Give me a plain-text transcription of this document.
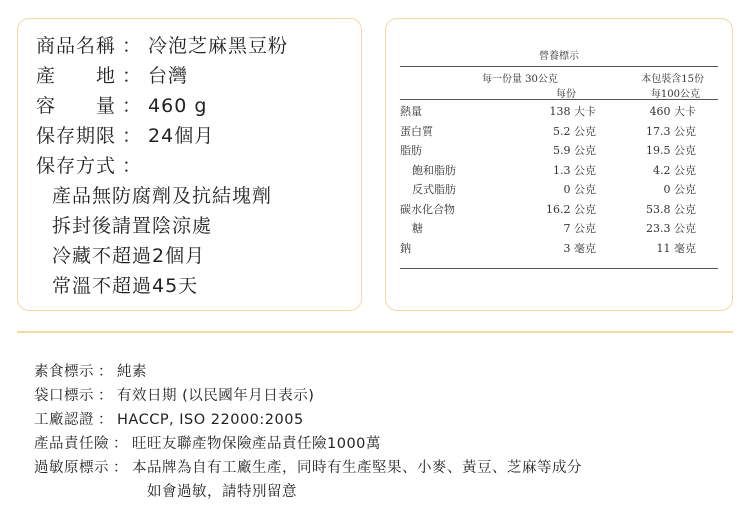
商品名稱 ： 冷泡芝麻黑豆粉
產　　地 ： 台灣
容　　量 ： 460 g
保存期限 ： 24個月
保存方式 ：
產品無防腐劑及抗結塊劑
拆封後請置陰涼處
冷藏不超過2個月
常溫不超過45天
營養標示
每一份量 30公克	本包裝含15份
每份	每100公克
熱量	138 大卡	460 大卡
蛋白質	5.2 公克	17.3 公克
脂肪	5.9 公克	19.5 公克
飽和脂肪	1.3 公克	4.2 公克
反式脂肪	0 公克	0 公克
碳水化合物	16.2 公克	53.8 公克
糖	7 公克	23.3 公克
鈉	3 毫克	11 毫克
素食標示 ： 純素
袋口標示 ： 有效日期 (以民國年月日表示)
工廠認證 ： HACCP, ISO 22000:2005
產品責任險 ： 旺旺友聯產物保險產品責任險1000萬
過敏原標示 ： 本品牌為自有工廠生產，同時有生產堅果、小麥、黃豆、芝麻等成分
如會過敏，請特別留意
